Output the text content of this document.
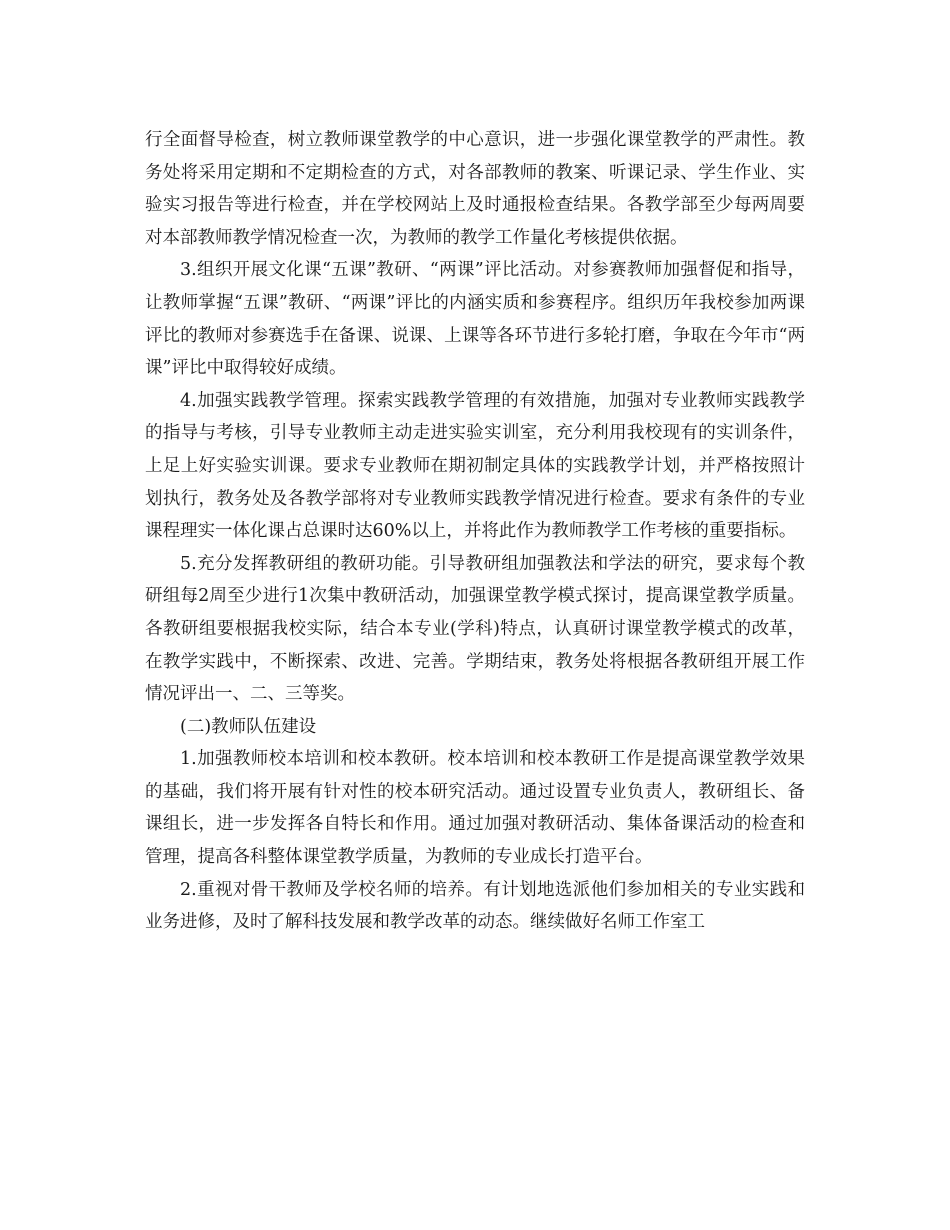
行全面督导检查，树立教师课堂教学的中心意识，进一步强化课堂教学的严肃性。教务处将采用定期和不定期检查的方式，对各部教师的教案、听课记录、学生作业、实验实习报告等进行检查，并在学校网站上及时通报检查结果。各教学部至少每两周要对本部教师教学情况检查一次，为教师的教学工作量化考核提供依据。

3.组织开展文化课“五课”教研、“两课”评比活动。对参赛教师加强督促和指导，让教师掌握“五课”教研、“两课”评比的内涵实质和参赛程序。组织历年我校参加两课评比的教师对参赛选手在备课、说课、上课等各环节进行多轮打磨，争取在今年市“两课”评比中取得较好成绩。

4.加强实践教学管理。探索实践教学管理的有效措施，加强对专业教师实践教学的指导与考核，引导专业教师主动走进实验实训室，充分利用我校现有的实训条件，上足上好实验实训课。要求专业教师在期初制定具体的实践教学计划，并严格按照计划执行，教务处及各教学部将对专业教师实践教学情况进行检查。要求有条件的专业课程理实一体化课占总课时达60%以上，并将此作为教师教学工作考核的重要指标。

5.充分发挥教研组的教研功能。引导教研组加强教法和学法的研究，要求每个教研组每2周至少进行1次集中教研活动，加强课堂教学模式探讨，提高课堂教学质量。各教研组要根据我校实际，结合本专业(学科)特点，认真研讨课堂教学模式的改革，在教学实践中，不断探索、改进、完善。学期结束，教务处将根据各教研组开展工作情况评出一、二、三等奖。

(二)教师队伍建设

1.加强教师校本培训和校本教研。校本培训和校本教研工作是提高课堂教学效果的基础，我们将开展有针对性的校本研究活动。通过设置专业负责人，教研组长、备课组长，进一步发挥各自特长和作用。通过加强对教研活动、集体备课活动的检查和管理，提高各科整体课堂教学质量，为教师的专业成长打造平台。

2.重视对骨干教师及学校名师的培养。有计划地选派他们参加相关的专业实践和业务进修，及时了解科技发展和教学改革的动态。继续做好名师工作室工
